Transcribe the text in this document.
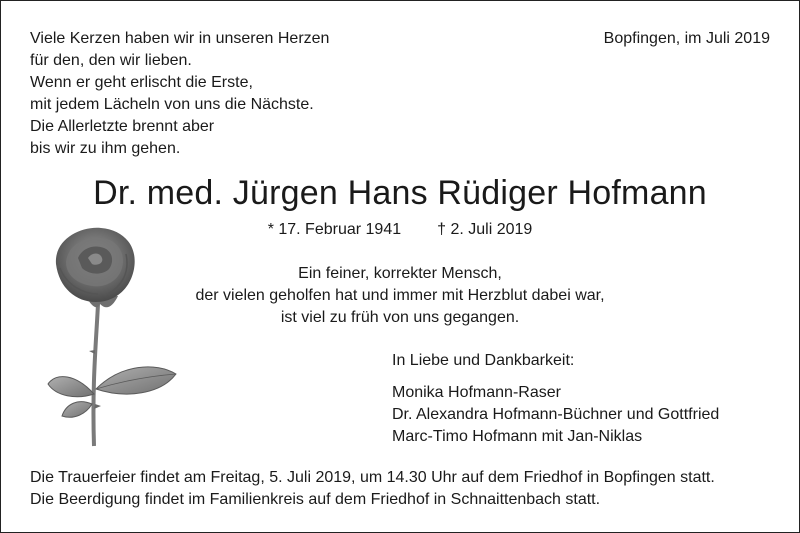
Viele Kerzen haben wir in unseren Herzen
für den, den wir lieben.
Wenn er geht erlischt die Erste,
mit jedem Lächeln von uns die Nächste.
Die Allerletzte brennt aber
bis wir zu ihm gehen.
Bopfingen, im Juli 2019
Dr. med. Jürgen Hans Rüdiger Hofmann
* 17. Februar 1941 † 2. Juli 2019
Ein feiner, korrekter Mensch,
der vielen geholfen hat und immer mit Herzblut dabei war,
ist viel zu früh von uns gegangen.
In Liebe und Dankbarkeit:
Monika Hofmann-Raser
Dr. Alexandra Hofmann-Büchner und Gottfried
Marc-Timo Hofmann mit Jan-Niklas
Die Trauerfeier findet am Freitag, 5. Juli 2019, um 14.30 Uhr auf dem Friedhof in Bopfingen statt.
Die Beerdigung findet im Familienkreis auf dem Friedhof in Schnaittenbach statt.
